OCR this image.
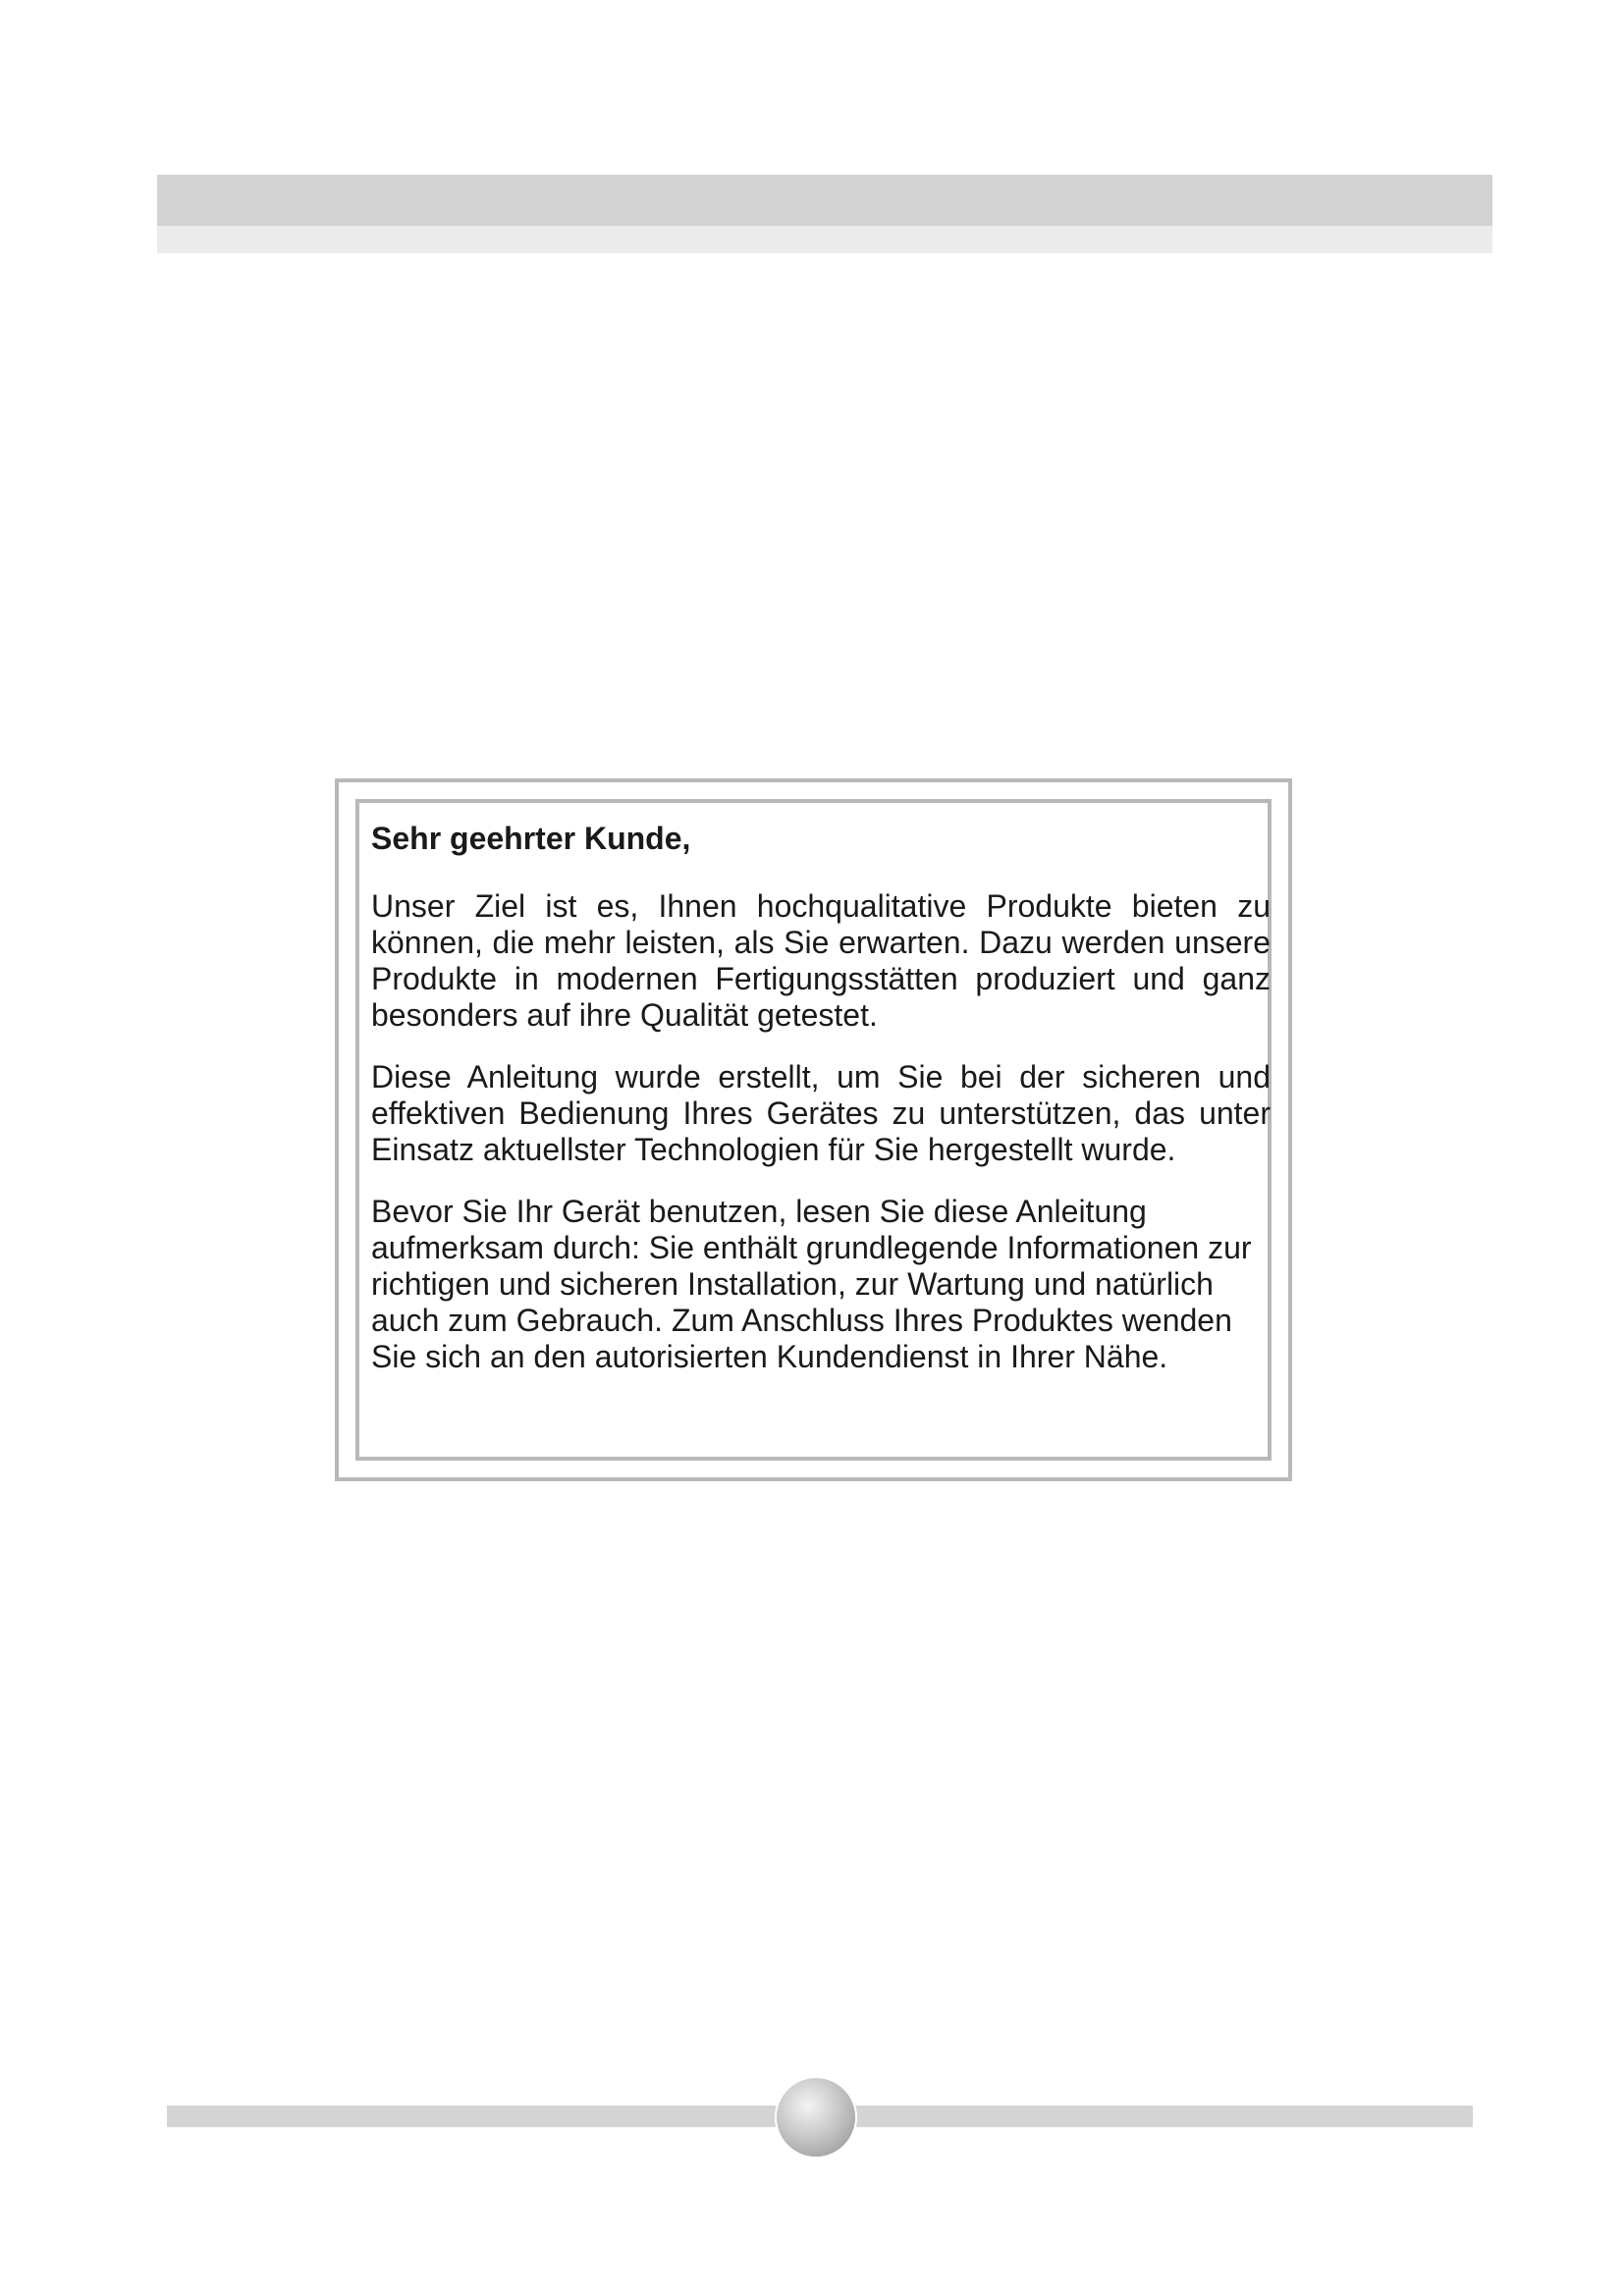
Sehr geehrter Kunde,

Unser Ziel ist es, Ihnen hochqualitative Produkte bieten zu können, die mehr leisten, als Sie erwarten. Dazu werden unsere Produkte in modernen Fertigungsstätten produziert und ganz besonders auf ihre Qualität getestet.

Diese Anleitung wurde erstellt, um Sie bei der sicheren und effektiven Bedienung Ihres Gerätes zu unterstützen, das unter Einsatz aktuellster Technologien für Sie hergestellt wurde.

Bevor Sie Ihr Gerät benutzen, lesen Sie diese Anleitung aufmerksam durch: Sie enthält grundlegende Informationen zur richtigen und sicheren Installation, zur Wartung und natürlich auch zum Gebrauch. Zum Anschluss Ihres Produktes wenden Sie sich an den autorisierten Kundendienst in Ihrer Nähe.
